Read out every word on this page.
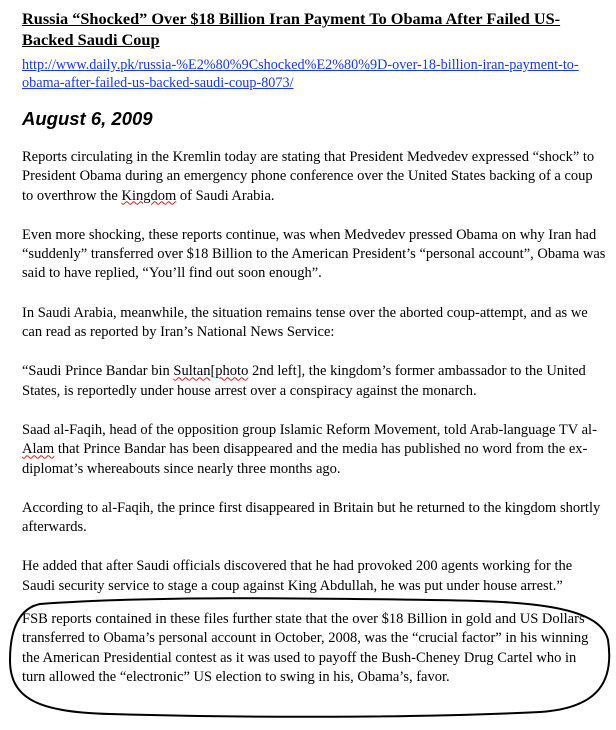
Russia “Shocked” Over $18 Billion Iran Payment To Obama After Failed US-Backed Saudi Coup
http://www.daily.pk/russia-%E2%80%9Cshocked%E2%80%9D-over-18-billion-iran-payment-to-obama-after-failed-us-backed-saudi-coup-8073/
August 6, 2009

Reports circulating in the Kremlin today are stating that President Medvedev expressed “shock” to President Obama during an emergency phone conference over the United States backing of a coup to overthrow the Kingdom of Saudi Arabia.

Even more shocking, these reports continue, was when Medvedev pressed Obama on why Iran had “suddenly” transferred over $18 Billion to the American President’s “personal account”, Obama was said to have replied, “You’ll find out soon enough”.

In Saudi Arabia, meanwhile, the situation remains tense over the aborted coup-attempt, and as we can read as reported by Iran’s National News Service:

“Saudi Prince Bandar bin Sultan[photo 2nd left], the kingdom’s former ambassador to the United States, is reportedly under house arrest over a conspiracy against the monarch.

Saad al-Faqih, head of the opposition group Islamic Reform Movement, told Arab-language TV al-Alam that Prince Bandar has been disappeared and the media has published no word from the ex-diplomat’s whereabouts since nearly three months ago.

According to al-Faqih, the prince first disappeared in Britain but he returned to the kingdom shortly afterwards.

He added that after Saudi officials discovered that he had provoked 200 agents working for the Saudi security service to stage a coup against King Abdullah, he was put under house arrest.”

FSB reports contained in these files further state that the over $18 Billion in gold and US Dollars transferred to Obama’s personal account in October, 2008, was the “crucial factor” in his winning the American Presidential contest as it was used to payoff the Bush-Cheney Drug Cartel who in turn allowed the “electronic” US election to swing in his, Obama’s, favor.
